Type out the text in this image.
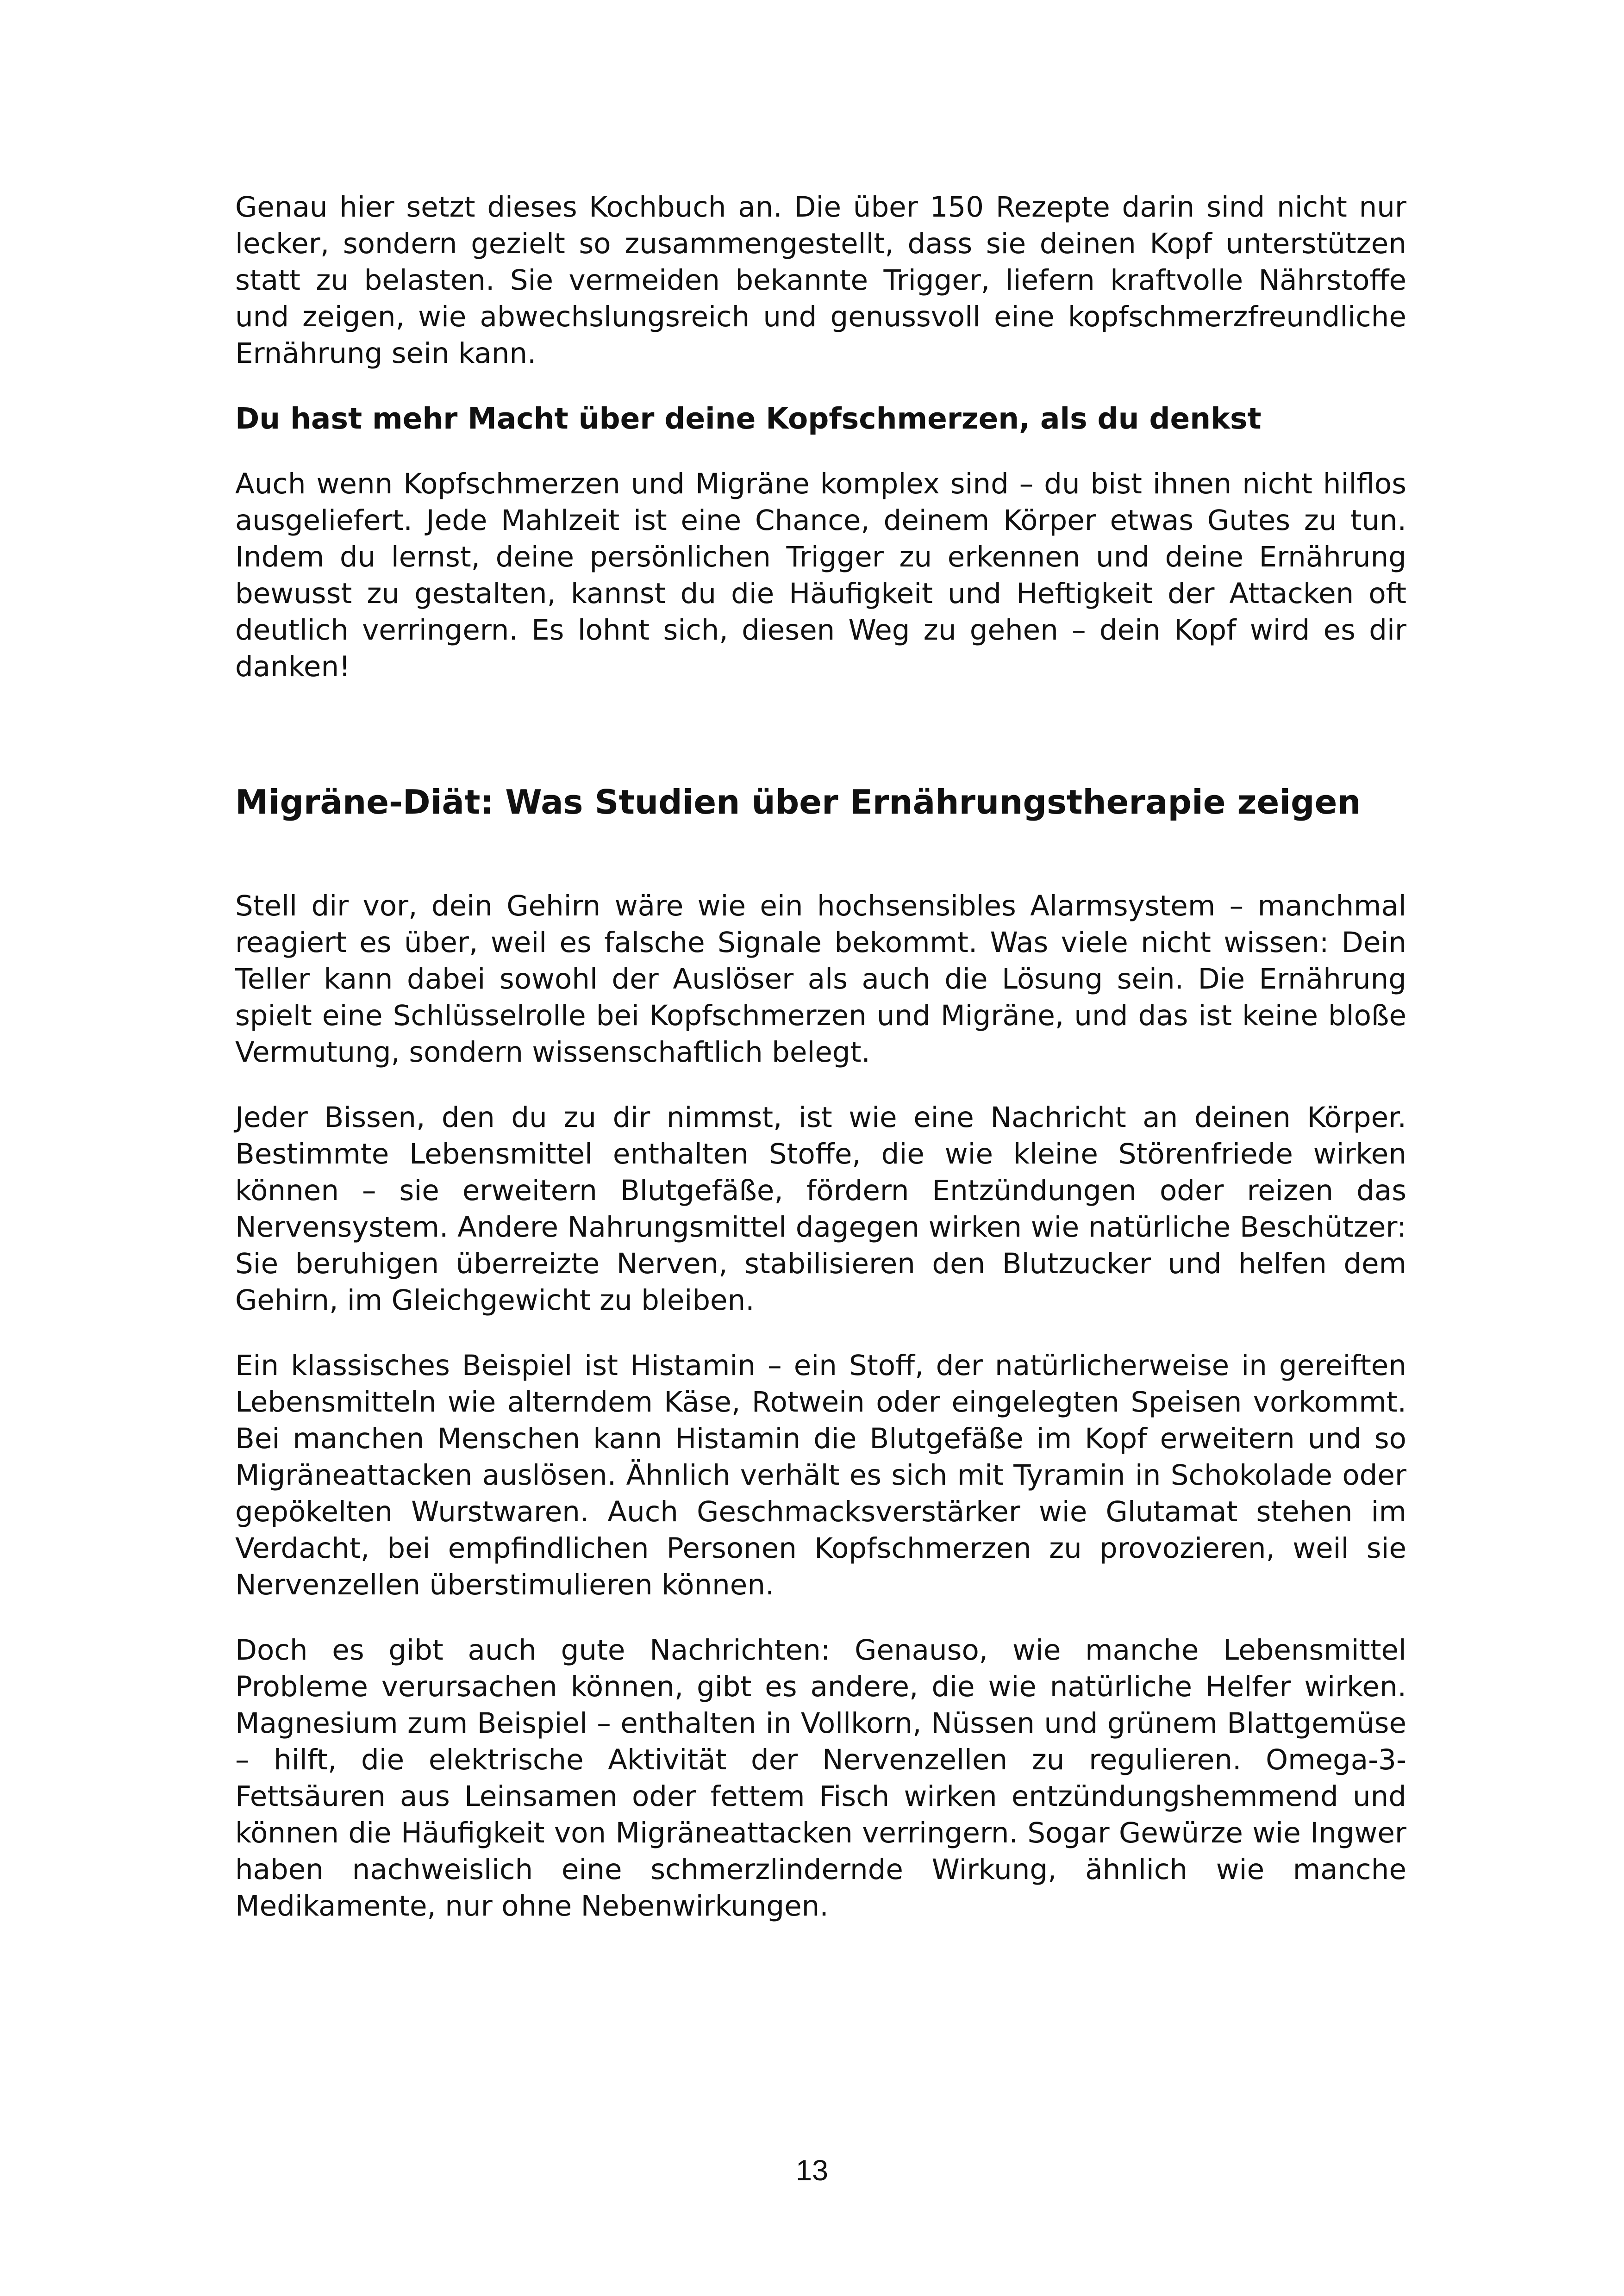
Genau hier setzt dieses Kochbuch an. Die über 150 Rezepte darin sind nicht nur lecker, sondern gezielt so zusammengestellt, dass sie deinen Kopf unterstützen statt zu belasten. Sie vermeiden bekannte Trigger, liefern kraftvolle Nährstoffe und zeigen, wie abwechslungsreich und genussvoll eine kopfschmerzfreundliche Ernährung sein kann.

Du hast mehr Macht über deine Kopfschmerzen, als du denkst

Auch wenn Kopfschmerzen und Migräne komplex sind – du bist ihnen nicht hilflos ausgeliefert. Jede Mahlzeit ist eine Chance, deinem Körper etwas Gutes zu tun. Indem du lernst, deine persönlichen Trigger zu erkennen und deine Ernährung bewusst zu gestalten, kannst du die Häufigkeit und Heftigkeit der Attacken oft deutlich verringern. Es lohnt sich, diesen Weg zu gehen – dein Kopf wird es dir danken!

Migräne-Diät: Was Studien über Ernährungstherapie zeigen

Stell dir vor, dein Gehirn wäre wie ein hochsensibles Alarmsystem – manchmal reagiert es über, weil es falsche Signale bekommt. Was viele nicht wissen: Dein Teller kann dabei sowohl der Auslöser als auch die Lösung sein. Die Ernährung spielt eine Schlüsselrolle bei Kopfschmerzen und Migräne, und das ist keine bloße Vermutung, sondern wissenschaftlich belegt.

Jeder Bissen, den du zu dir nimmst, ist wie eine Nachricht an deinen Körper. Bestimmte Lebensmittel enthalten Stoffe, die wie kleine Störenfriede wirken können – sie erweitern Blutgefäße, fördern Entzündungen oder reizen das Nervensystem. Andere Nahrungsmittel dagegen wirken wie natürliche Beschützer: Sie beruhigen überreizte Nerven, stabilisieren den Blutzucker und helfen dem Gehirn, im Gleichgewicht zu bleiben.

Ein klassisches Beispiel ist Histamin – ein Stoff, der natürlicherweise in gereiften Lebensmitteln wie alterndem Käse, Rotwein oder eingelegten Speisen vorkommt. Bei manchen Menschen kann Histamin die Blutgefäße im Kopf erweitern und so Migräneattacken auslösen. Ähnlich verhält es sich mit Tyramin in Schokolade oder gepökelten Wurstwaren. Auch Geschmacksverstärker wie Glutamat stehen im Verdacht, bei empfindlichen Personen Kopfschmerzen zu provozieren, weil sie Nervenzellen überstimulieren können.

Doch es gibt auch gute Nachrichten: Genauso, wie manche Lebensmittel Probleme verursachen können, gibt es andere, die wie natürliche Helfer wirken. Magnesium zum Beispiel – enthalten in Vollkorn, Nüssen und grünem Blattgemüse – hilft, die elektrische Aktivität der Nervenzellen zu regulieren. Omega-3-Fettsäuren aus Leinsamen oder fettem Fisch wirken entzündungshemmend und können die Häufigkeit von Migräneattacken verringern. Sogar Gewürze wie Ingwer haben nachweislich eine schmerzlindernde Wirkung, ähnlich wie manche Medikamente, nur ohne Nebenwirkungen.

13
